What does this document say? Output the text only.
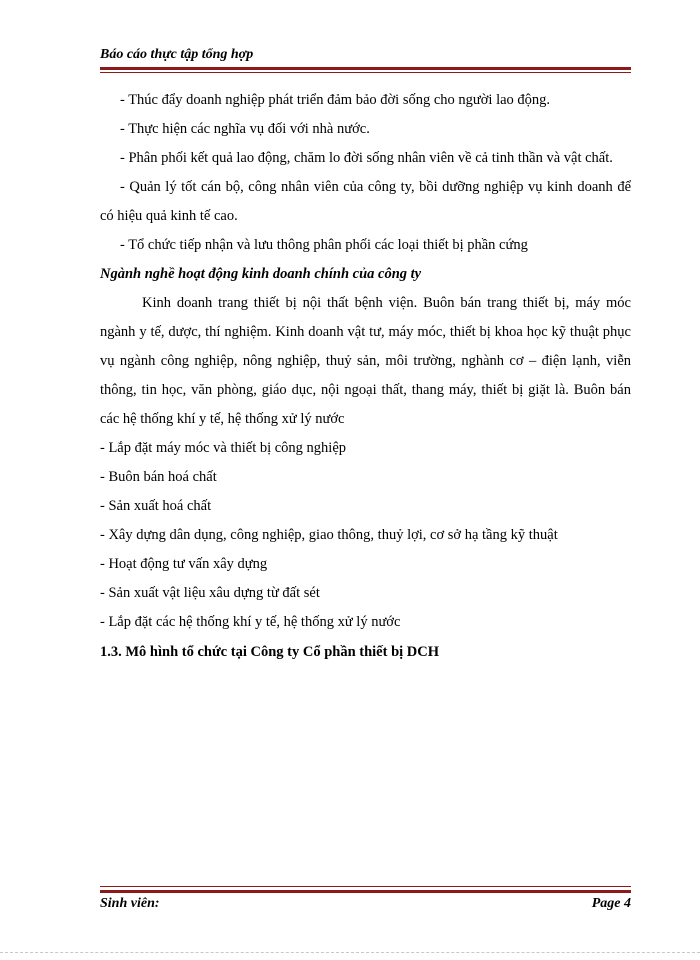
Báo cáo thực tập tổng hợp

- Thúc đẩy doanh nghiệp phát triển đảm bảo đời sống cho người lao động.

- Thực hiện các nghĩa vụ đối với nhà nước.

- Phân phối kết quả lao động, chăm lo đời sống nhân viên về cả tinh thần và vật chất.

- Quản lý tốt cán bộ, công nhân viên của công ty, bồi dưỡng nghiệp vụ kinh doanh để có hiệu quả kinh tế cao.

- Tổ chức tiếp nhận và lưu thông phân phối các loại thiết bị phần cứng

Ngành nghề hoạt động kinh doanh chính của công ty

Kinh doanh trang thiết bị nội thất bệnh viện. Buôn bán trang thiết bị, máy móc ngành y tế, dược, thí nghiệm. Kinh doanh vật tư, máy móc, thiết bị khoa học kỹ thuật phục vụ ngành công nghiệp, nông nghiệp, thuỷ sản, môi trường, nghành cơ – điện lạnh, viễn thông, tin học, văn phòng, giáo dục, nội ngoại thất, thang máy, thiết bị giặt là. Buôn bán các hệ thống khí y tế, hệ thống xử lý nước

- Lắp đặt máy móc và thiết bị công nghiệp

- Buôn bán hoá chất

- Sản xuất hoá chất

- Xây dựng dân dụng, công nghiệp, giao thông, thuỷ lợi, cơ sở hạ tầng kỹ thuật

- Hoạt động tư vấn xây dựng

- Sản xuất vật liệu xâu dựng từ đất sét

- Lắp đặt các hệ thống khí y tế, hệ thống xử lý nước

1.3. Mô hình tổ chức tại Công ty Cổ phần thiết bị DCH

Sinh viên:	Page 4
